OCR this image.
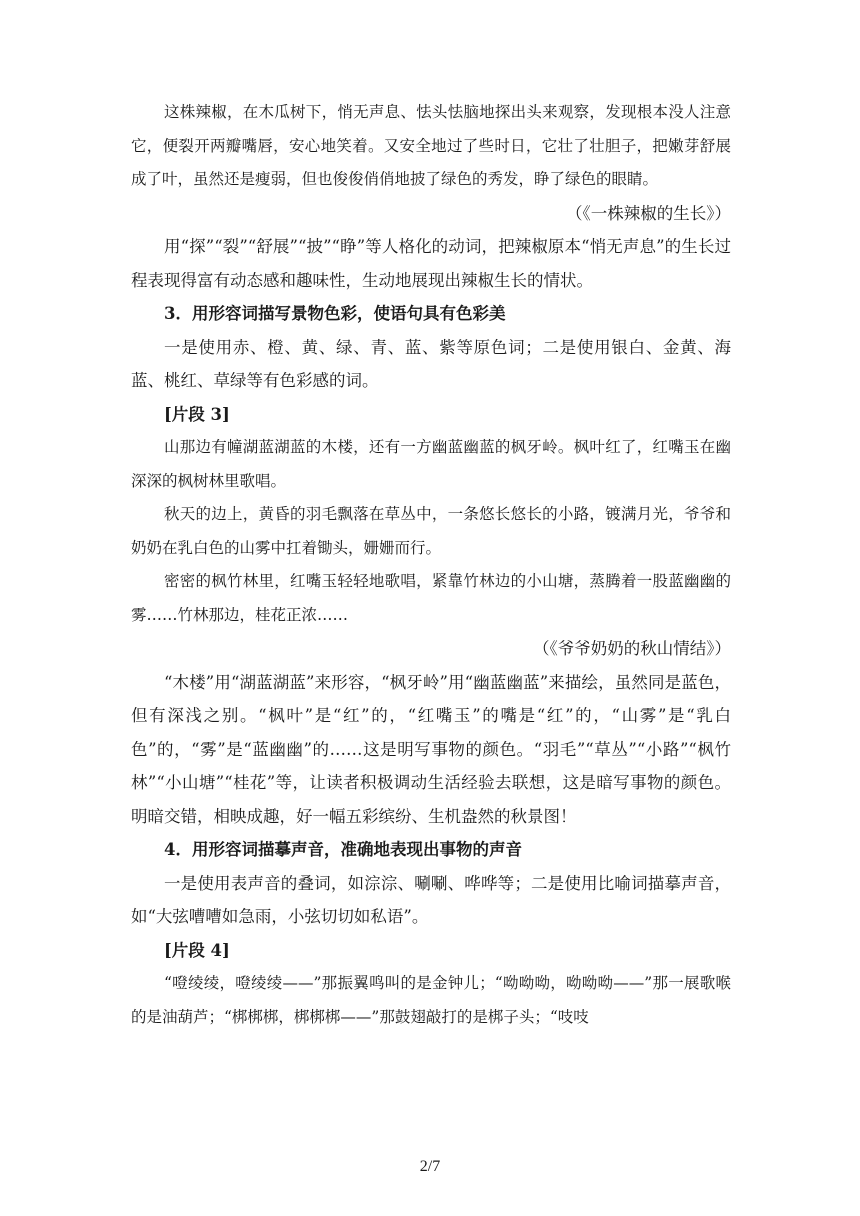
这株辣椒，在木瓜树下，悄无声息、怯头怯脑地探出头来观察，发现根本没人注意它，便裂开两瓣嘴唇，安心地笑着。又安全地过了些时日，它壮了壮胆子，把嫩芽舒展成了叶，虽然还是瘦弱，但也俊俊俏俏地披了绿色的秀发，睁了绿色的眼睛。

（《一株辣椒的生长》）

用“探”“裂”“舒展”“披”“睁”等人格化的动词，把辣椒原本“悄无声息”的生长过程表现得富有动态感和趣味性，生动地展现出辣椒生长的情状。

3．用形容词描写景物色彩，使语句具有色彩美

一是使用赤、橙、黄、绿、青、蓝、紫等原色词；二是使用银白、金黄、海蓝、桃红、草绿等有色彩感的词。

[片段 3]

山那边有幢湖蓝湖蓝的木楼，还有一方幽蓝幽蓝的枫牙岭。枫叶红了，红嘴玉在幽深深的枫树林里歌唱。

秋天的边上，黄昏的羽毛飘落在草丛中，一条悠长悠长的小路，镀满月光，爷爷和奶奶在乳白色的山雾中扛着锄头，姗姗而行。

密密的枫竹林里，红嘴玉轻轻地歌唱，紧靠竹林边的小山塘，蒸腾着一股蓝幽幽的雾……竹林那边，桂花正浓……

（《爷爷奶奶的秋山情结》）

“木楼”用“湖蓝湖蓝”来形容，“枫牙岭”用“幽蓝幽蓝”来描绘，虽然同是蓝色，但有深浅之别。“枫叶”是“红”的，“红嘴玉”的嘴是“红”的，“山雾”是“乳白色”的，“雾”是“蓝幽幽”的……这是明写事物的颜色。“羽毛”“草丛”“小路”“枫竹林”“小山塘”“桂花”等，让读者积极调动生活经验去联想，这是暗写事物的颜色。明暗交错，相映成趣，好一幅五彩缤纷、生机盎然的秋景图！

4．用形容词描摹声音，准确地表现出事物的声音

一是使用表声音的叠词，如淙淙、唰唰、哗哗等；二是使用比喻词描摹声音，如“大弦嘈嘈如急雨，小弦切切如私语”。

[片段 4]

“噔绫绫，噔绫绫——”那振翼鸣叫的是金钟儿；“呦呦呦，呦呦呦——”那一展歌喉的是油葫芦；“梆梆梆，梆梆梆——”那鼓翅敲打的是梆子头；“吱吱

2/7
